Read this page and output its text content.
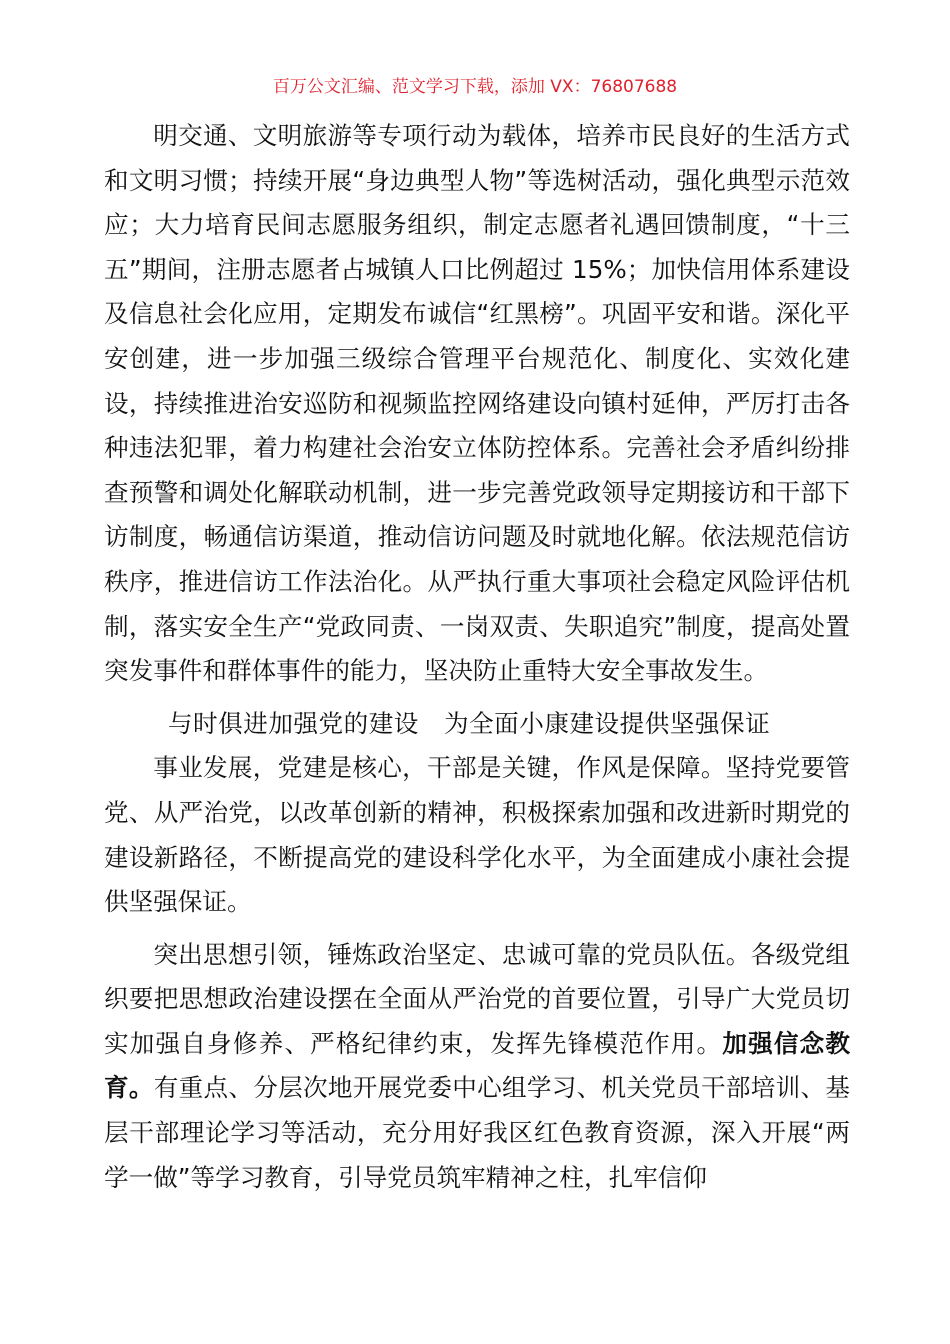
百万公文汇编、范文学习下载，添加 VX：76807688

明交通、文明旅游等专项行动为载体，培养市民良好的生活方式和文明习惯；持续开展“身边典型人物”等选树活动，强化典型示范效应；大力培育民间志愿服务组织，制定志愿者礼遇回馈制度，“十三五”期间，注册志愿者占城镇人口比例超过 15%；加快信用体系建设及信息社会化应用，定期发布诚信“红黑榜”。巩固平安和谐。深化平安创建，进一步加强三级综合管理平台规范化、制度化、实效化建设，持续推进治安巡防和视频监控网络建设向镇村延伸，严厉打击各种违法犯罪，着力构建社会治安立体防控体系。完善社会矛盾纠纷排查预警和调处化解联动机制，进一步完善党政领导定期接访和干部下访制度，畅通信访渠道，推动信访问题及时就地化解。依法规范信访秩序，推进信访工作法治化。从严执行重大事项社会稳定风险评估机制，落实安全生产“党政同责、一岗双责、失职追究”制度，提高处置突发事件和群体事件的能力，坚决防止重特大安全事故发生。

与时俱进加强党的建设　为全面小康建设提供坚强保证

事业发展，党建是核心，干部是关键，作风是保障。坚持党要管党、从严治党，以改革创新的精神，积极探索加强和改进新时期党的建设新路径，不断提高党的建设科学化水平，为全面建成小康社会提供坚强保证。

突出思想引领，锤炼政治坚定、忠诚可靠的党员队伍。各级党组织要把思想政治建设摆在全面从严治党的首要位置，引导广大党员切实加强自身修养、严格纪律约束，发挥先锋模范作用。加强信念教育。有重点、分层次地开展党委中心组学习、机关党员干部培训、基层干部理论学习等活动，充分用好我区红色教育资源，深入开展“两学一做”等学习教育，引导党员筑牢精神之柱，扎牢信仰
